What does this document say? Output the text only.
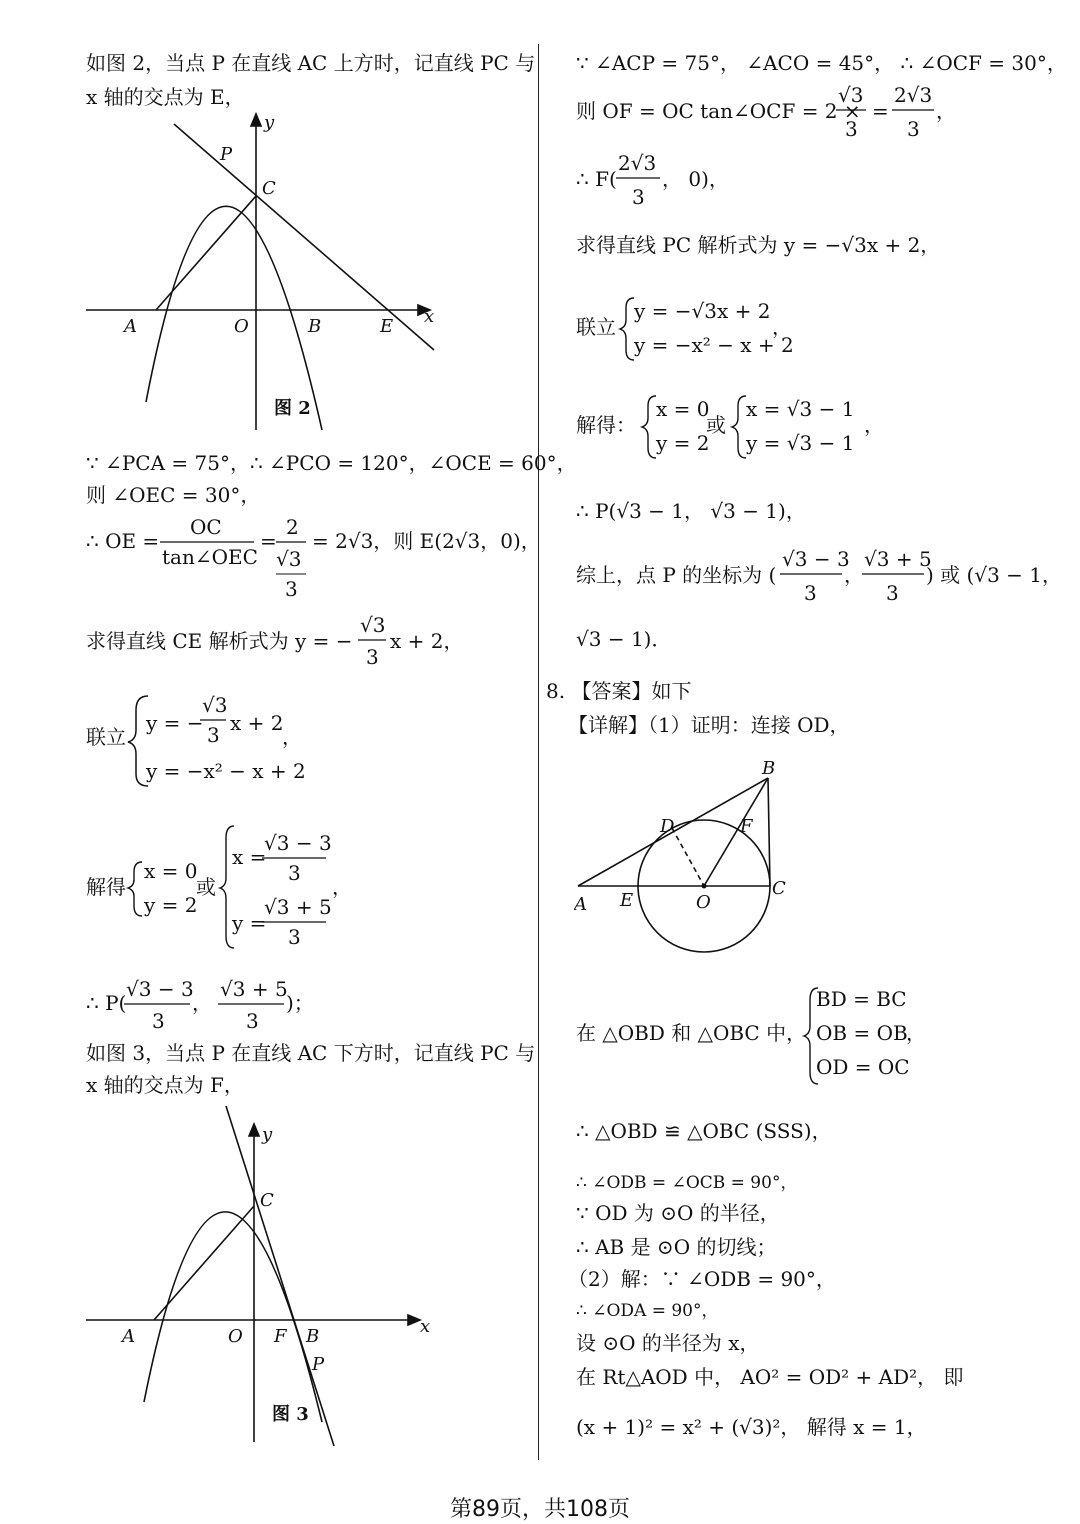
如图 2，当点 P 在直线 AC 上方时，记直线 PC 与
x 轴的交点为 E，
y
x
P
C
A	O	B	E
图 2
∵ ∠PCA = 75°，∴ ∠PCO = 120°，∠OCE = 60°，
则 ∠OEC = 30°，
∴ OE =
OC
tan∠OEC
=
2
√3
3
= 2√3，则 E(2√3，0)，
求得直线 CE 解析式为 y = −
√3
3
x + 2，
联立
y = −
√3
3 x + 2
，
y = −x² − x + 2
解得
x = 0
y = 2
或
x =
√3 − 3
3
y =
√3 + 5
3
，
∴ P(
√3 − 3
3
，
√3 + 5
3
)；
如图 3，当点 P 在直线 AC 下方时，记直线 PC 与
x 轴的交点为 F，
y
x
C
A	O F B
P
图 3
∵ ∠ACP = 75°， ∠ACO = 45°， ∴ ∠OCF = 30°，
则 OF = OC tan∠OCF = 2 ×
√3
3
=
2√3
3
，
∴ F(
2√3
3
， 0)，
求得直线 PC 解析式为 y = −√3x + 2，
联立
y = −√3x + 2
y = −x² − x + 2
，
解得：
x = 0
y = 2
或
x = √3 − 1
y = √3 − 1
，
∴ P(√3 − 1， √3 − 1)，
综上，点 P 的坐标为 (
√3 − 3
3
，
√3 + 5
3
) 或 (√3 − 1，
√3 − 1)．
8. 【答案】如下
【详解】（1）证明：连接 OD，
B
D	F
A E	O
C
在 △OBD 和 △OBC 中，
BD = BC
OB = OB
OD = OC
，
∴ △OBD ≌ △OBC (SSS)，
∴ ∠ODB = ∠OCB = 90°，
∵ OD 为 ⊙O 的半径，
∴ AB 是 ⊙O 的切线；
（2）解：∵ ∠ODB = 90°，
∴ ∠ODA = 90°，
设 ⊙O 的半径为 x，
在 Rt△AOD 中， AO² = OD² + AD²， 即
(x + 1)² = x² + (√3)²， 解得 x = 1，
第89页，共108页
